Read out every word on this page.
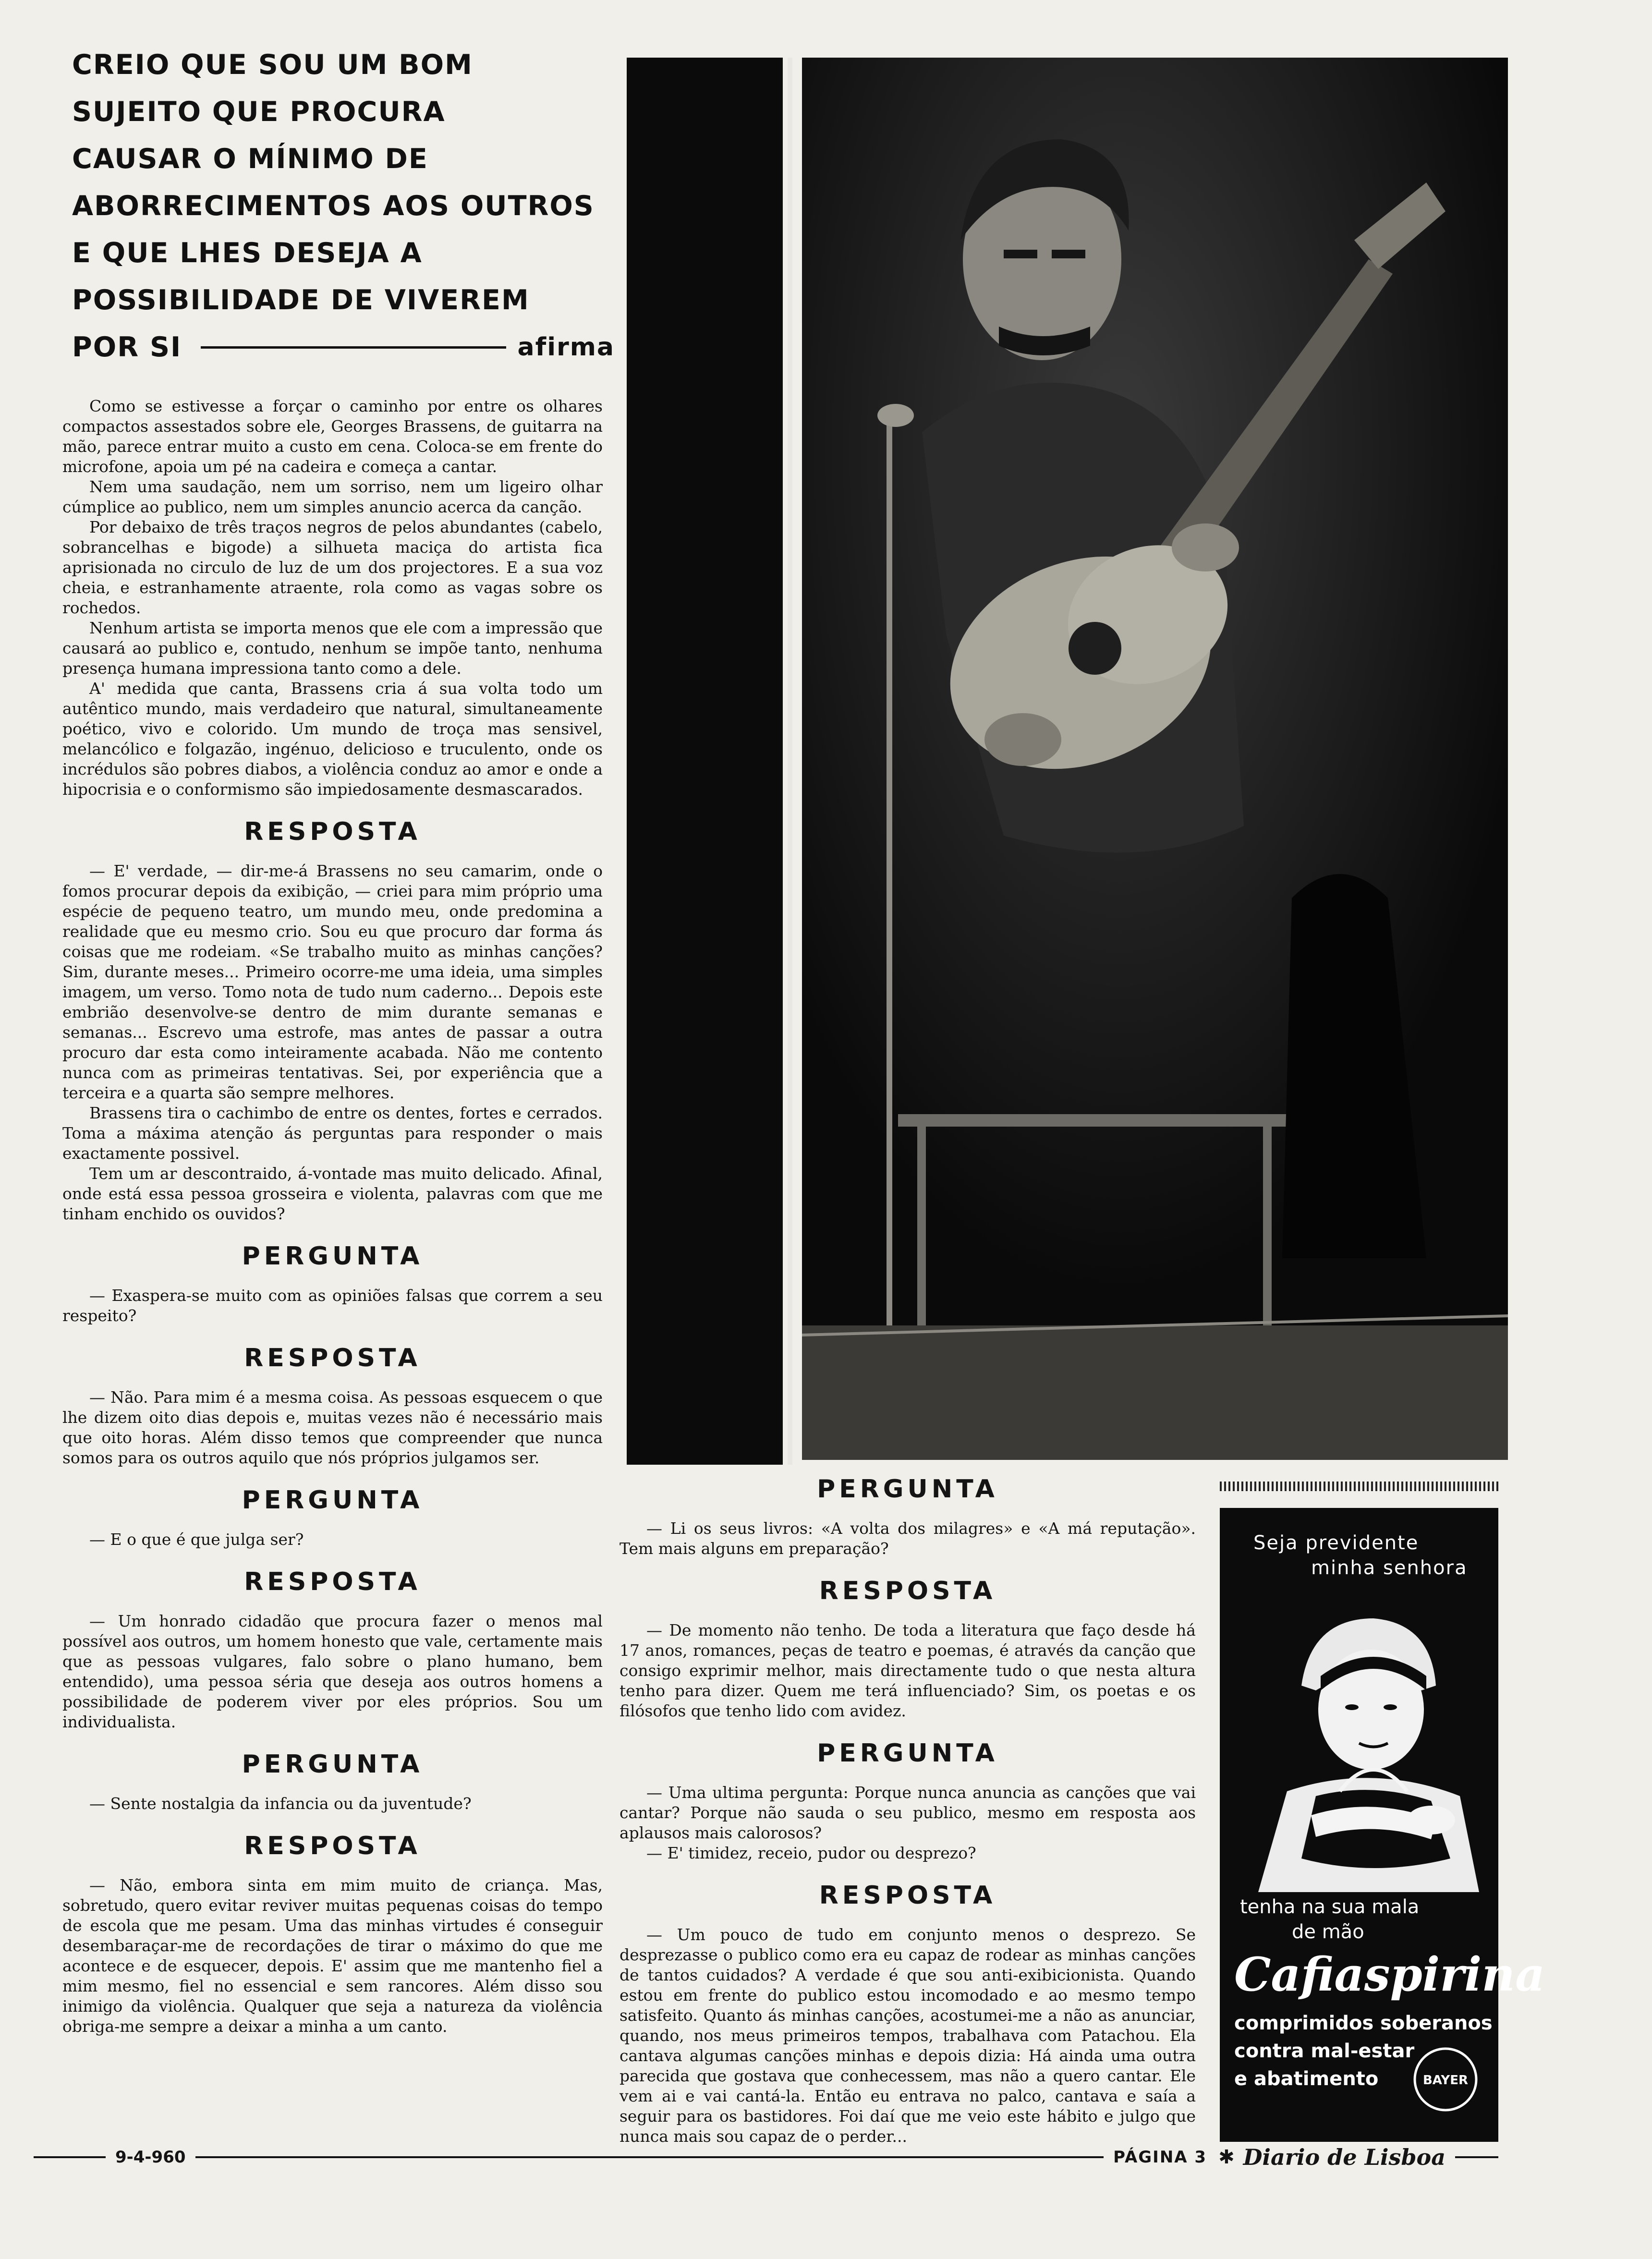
CREIO QUE SOU UM BOM
SUJEITO QUE PROCURA
CAUSAR O MÍNIMO DE
ABORRECIMENTOS AOS OUTROS
E QUE LHES DESEJA A
POSSIBILIDADE DE VIVEREM
POR SI	afirma

Como se estivesse a forçar o caminho por entre os olhares compactos assestados sobre ele, Georges Brassens, de guitarra na mão, parece entrar muito a custo em cena. Coloca-se em frente do microfone, apoia um pé na cadeira e começa a cantar.

Nem uma saudação, nem um sorriso, nem um ligeiro olhar cúmplice ao publico, nem um simples anuncio acerca da canção.

Por debaixo de três traços negros de pelos abundantes (cabelo, sobrancelhas e bigode) a silhueta maciça do artista fica aprisionada no circulo de luz de um dos projectores. E a sua voz cheia, e estranhamente atraente, rola como as vagas sobre os rochedos.

Nenhum artista se importa menos que ele com a impressão que causará ao publico e, contudo, nenhum se impõe tanto, nenhuma presença humana impressiona tanto como a dele.

A' medida que canta, Brassens cria á sua volta todo um autêntico mundo, mais verdadeiro que natural, simultaneamente poético, vivo e colorido. Um mundo de troça mas sensivel, melancólico e folgazão, ingénuo, delicioso e truculento, onde os incrédulos são pobres diabos, a violência conduz ao amor e onde a hipocrisia e o conformismo são impiedosamente desmascarados.

RESPOSTA

— E' verdade, — dir-me-á Brassens no seu camarim, onde o fomos procurar depois da exibição, — criei para mim próprio uma espécie de pequeno teatro, um mundo meu, onde predomina a realidade que eu mesmo crio. Sou eu que procuro dar forma ás coisas que me rodeiam. «Se trabalho muito as minhas canções? Sim, durante meses... Primeiro ocorre-me uma ideia, uma simples imagem, um verso. Tomo nota de tudo num caderno... Depois este embrião desenvolve-se dentro de mim durante semanas e semanas... Escrevo uma estrofe, mas antes de passar a outra procuro dar esta como inteiramente acabada. Não me contento nunca com as primeiras tentativas. Sei, por experiência que a terceira e a quarta são sempre melhores.

Brassens tira o cachimbo de entre os dentes, fortes e cerrados. Toma a máxima atenção ás perguntas para responder o mais exactamente possivel.

Tem um ar descontraido, á-vontade mas muito delicado. Afinal, onde está essa pessoa grosseira e violenta, palavras com que me tinham enchido os ouvidos?

PERGUNTA

— Exaspera-se muito com as opiniões falsas que correm a seu respeito?

RESPOSTA

— Não. Para mim é a mesma coisa. As pessoas esquecem o que lhe dizem oito dias depois e, muitas vezes não é necessário mais que oito horas. Além disso temos que compreender que nunca somos para os outros aquilo que nós próprios julgamos ser.

PERGUNTA

— E o que é que julga ser?

RESPOSTA

— Um honrado cidadão que procura fazer o menos mal possível aos outros, um homem honesto que vale, certamente mais que as pessoas vulgares, falo sobre o plano humano, bem entendido), uma pessoa séria que deseja aos outros homens a possibilidade de poderem viver por eles próprios. Sou um individualista.

PERGUNTA

— Sente nostalgia da infancia ou da juventude?

RESPOSTA

— Não, embora sinta em mim muito de criança. Mas, sobretudo, quero evitar reviver muitas pequenas coisas do tempo de escola que me pesam. Uma das minhas virtudes é conseguir desembaraçar-me de recordações de tirar o máximo do que me acontece e de esquecer, depois. E' assim que me mantenho fiel a mim mesmo, fiel no essencial e sem rancores. Além disso sou inimigo da violência. Qualquer que seja a natureza da violência obriga-me sempre a deixar a minha a um canto.

PERGUNTA

— Li os seus livros: «A volta dos milagres» e «A má reputação». Tem mais alguns em preparação?

RESPOSTA

— De momento não tenho. De toda a literatura que faço desde há 17 anos, romances, peças de teatro e poemas, é através da canção que consigo exprimir melhor, mais directamente tudo o que nesta altura tenho para dizer. Quem me terá influenciado? Sim, os poetas e os filósofos que tenho lido com avidez.

PERGUNTA

— Uma ultima pergunta: Porque nunca anuncia as canções que vai cantar? Porque não sauda o seu publico, mesmo em resposta aos aplausos mais calorosos?

— E' timidez, receio, pudor ou desprezo?

RESPOSTA

— Um pouco de tudo em conjunto menos o desprezo. Se desprezasse o publico como era eu capaz de rodear as minhas canções de tantos cuidados? A verdade é que sou anti-exibicionista. Quando estou em frente do publico estou incomodado e ao mesmo tempo satisfeito. Quanto ás minhas canções, acostumei-me a não as anunciar, quando, nos meus primeiros tempos, trabalhava com Patachou. Ela cantava algumas canções minhas e depois dizia: Há ainda uma outra parecida que gostava que conhecessem, mas não a quero cantar. Ele vem ai e vai cantá-la. Então eu entrava no palco, cantava e saía a seguir para os bastidores. Foi daí que me veio este hábito e julgo que nunca mais sou capaz de o perder...

Seja previdente
minha senhora
tenha na sua mala
de mão
Cafiaspirina
comprimidos soberanos
contra mal-estar
e abatimento	BAYER
9-4-960	PÁGINA 3 ✱ Diario de Lisboa
